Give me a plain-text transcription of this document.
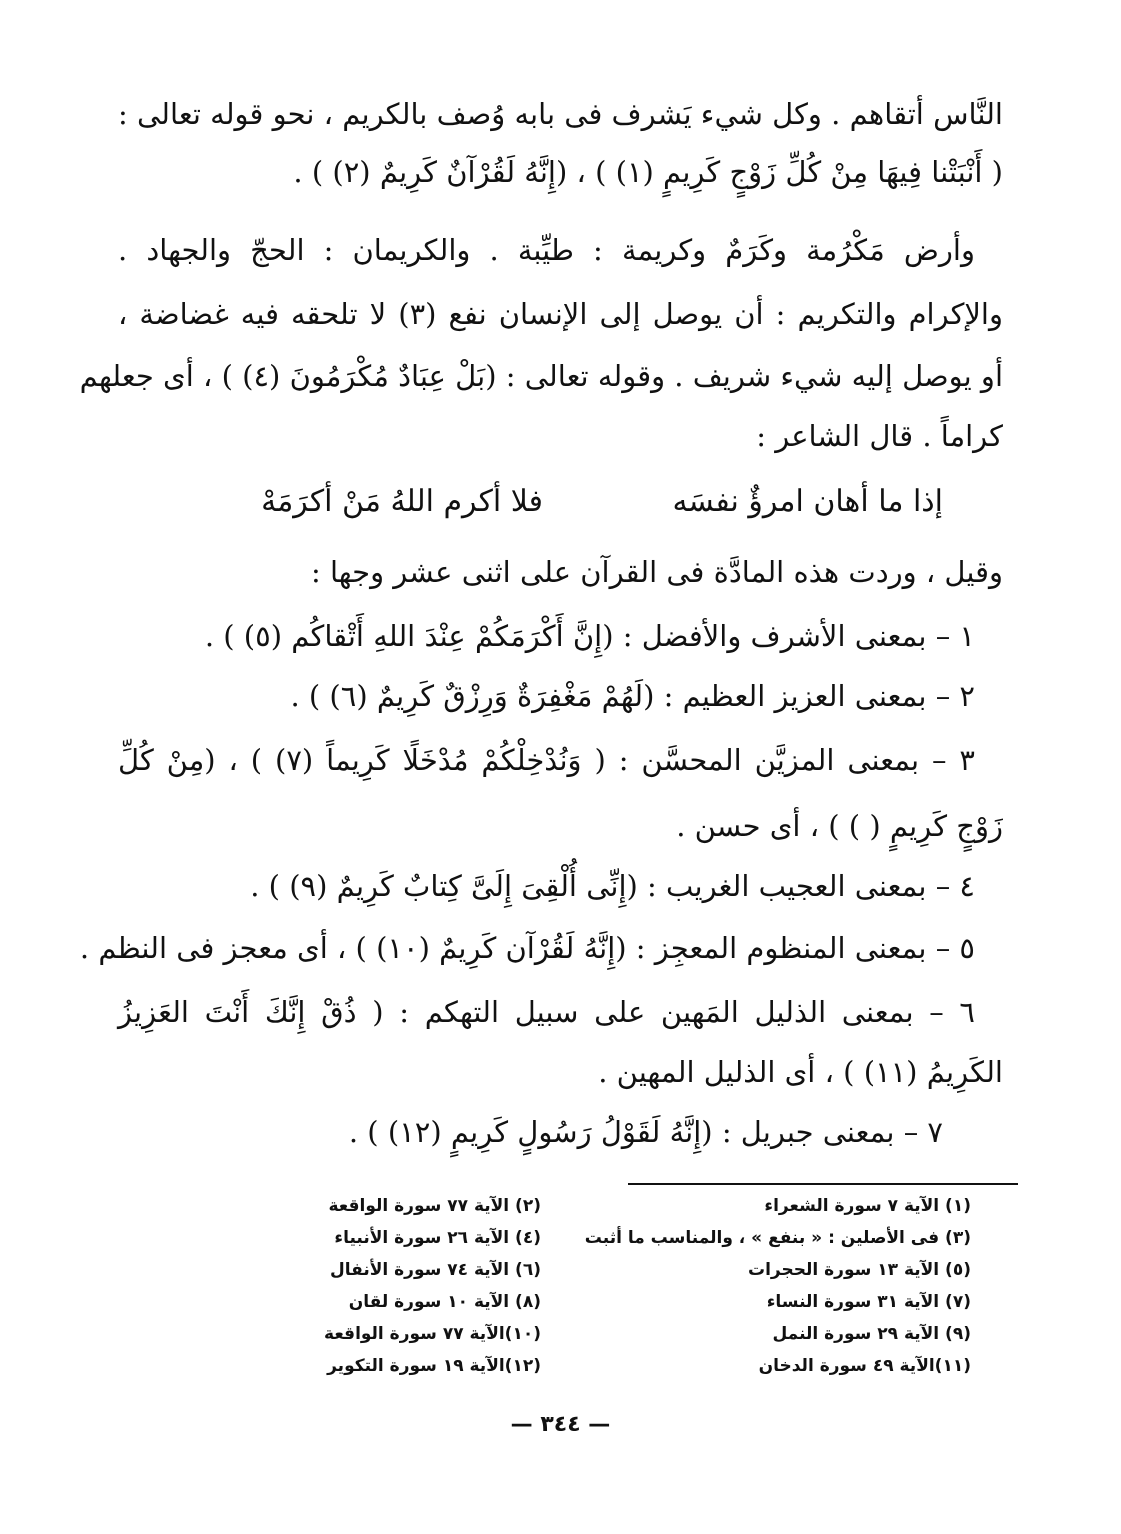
النَّاس أتقاهم . وكل شيء يَشرف فى بابه وُصف بالكريم ، نحو قوله تعالى :
( أَنْبَتْنا فِيهَا مِنْ كُلِّ زَوْجٍ كَرِيمٍ (١) ) ، (إِنَّهُ لَقُرْآنٌ كَرِيمٌ (٢) ) .
وأرض مَكْرُمة وكَرَمٌ وكريمة : طيِّبة . والكريمان : الحجّ والجهاد .
والإكرام والتكريم : أن يوصل إلى الإنسان نفع (٣) لا تلحقه فيه غضاضة ،
أو يوصل إليه شيء شريف . وقوله تعالى : (بَلْ عِبَادٌ مُكْرَمُونَ (٤) ) ، أى جعلهم
كراماً . قال الشاعر :
إذا ما أهان امرؤٌ نفسَه
فلا أكرم اللهُ مَنْ أكرَمَهْ
وقيل ، وردت هذه المادَّة فى القرآن على اثنى عشر وجها :
١ – بمعنى الأشرف والأفضل : (إِنَّ أَكْرَمَكُمْ عِنْدَ اللهِ أَتْقاكُم (٥) ) .
٢ – بمعنى العزيز العظيم : (لَهُمْ مَغْفِرَةٌ وَرِزْقٌ كَرِيمٌ (٦) ) .
٣ – بمعنى المزيَّن المحسَّن : ( وَنُدْخِلْكُمْ مُدْخَلًا كَرِيماً (٧) ) ، (مِنْ كُلِّ
زَوْجٍ كَرِيمٍ ( ) ) ، أى حسن .
٤ – بمعنى العجيب الغريب : (إِنِّى أُلْقِىَ إِلَىَّ كِتابٌ كَرِيمٌ (٩) ) .
٥ – بمعنى المنظوم المعجِز : (إِنَّهُ لَقُرْآن كَرِيمٌ (١٠) ) ، أى معجز فى النظم .
٦ – بمعنى الذليل المَهين على سبيل التهكم : ( ذُقْ إِنَّكَ أَنْتَ العَزِيزُ
الكَرِيمُ (١١) ) ، أى الذليل المهين .
٧ – بمعنى جبريل : (إِنَّهُ لَقَوْلُ رَسُولٍ كَرِيمٍ (١٢) ) .
(١) الآية ٧ سورة الشعراء
(٢) الآية ٧٧ سورة الواقعة
(٣) فى الأصلين : « بنفع » ، والمناسب ما أثبت
(٤) الآية ٢٦ سورة الأنبياء
(٥) الآية ١٣ سورة الحجرات
(٦) الآية ٧٤ سورة الأنفال
(٧) الآية ٣١ سورة النساء
(٨) الآية ١٠ سورة لقان
(٩) الآية ٢٩ سورة النمل
(١٠)الآية ٧٧ سورة الواقعة
(١١)الآية ٤٩ سورة الدخان
(١٢)الآية ١٩ سورة التكوير
— ٣٤٤ —
